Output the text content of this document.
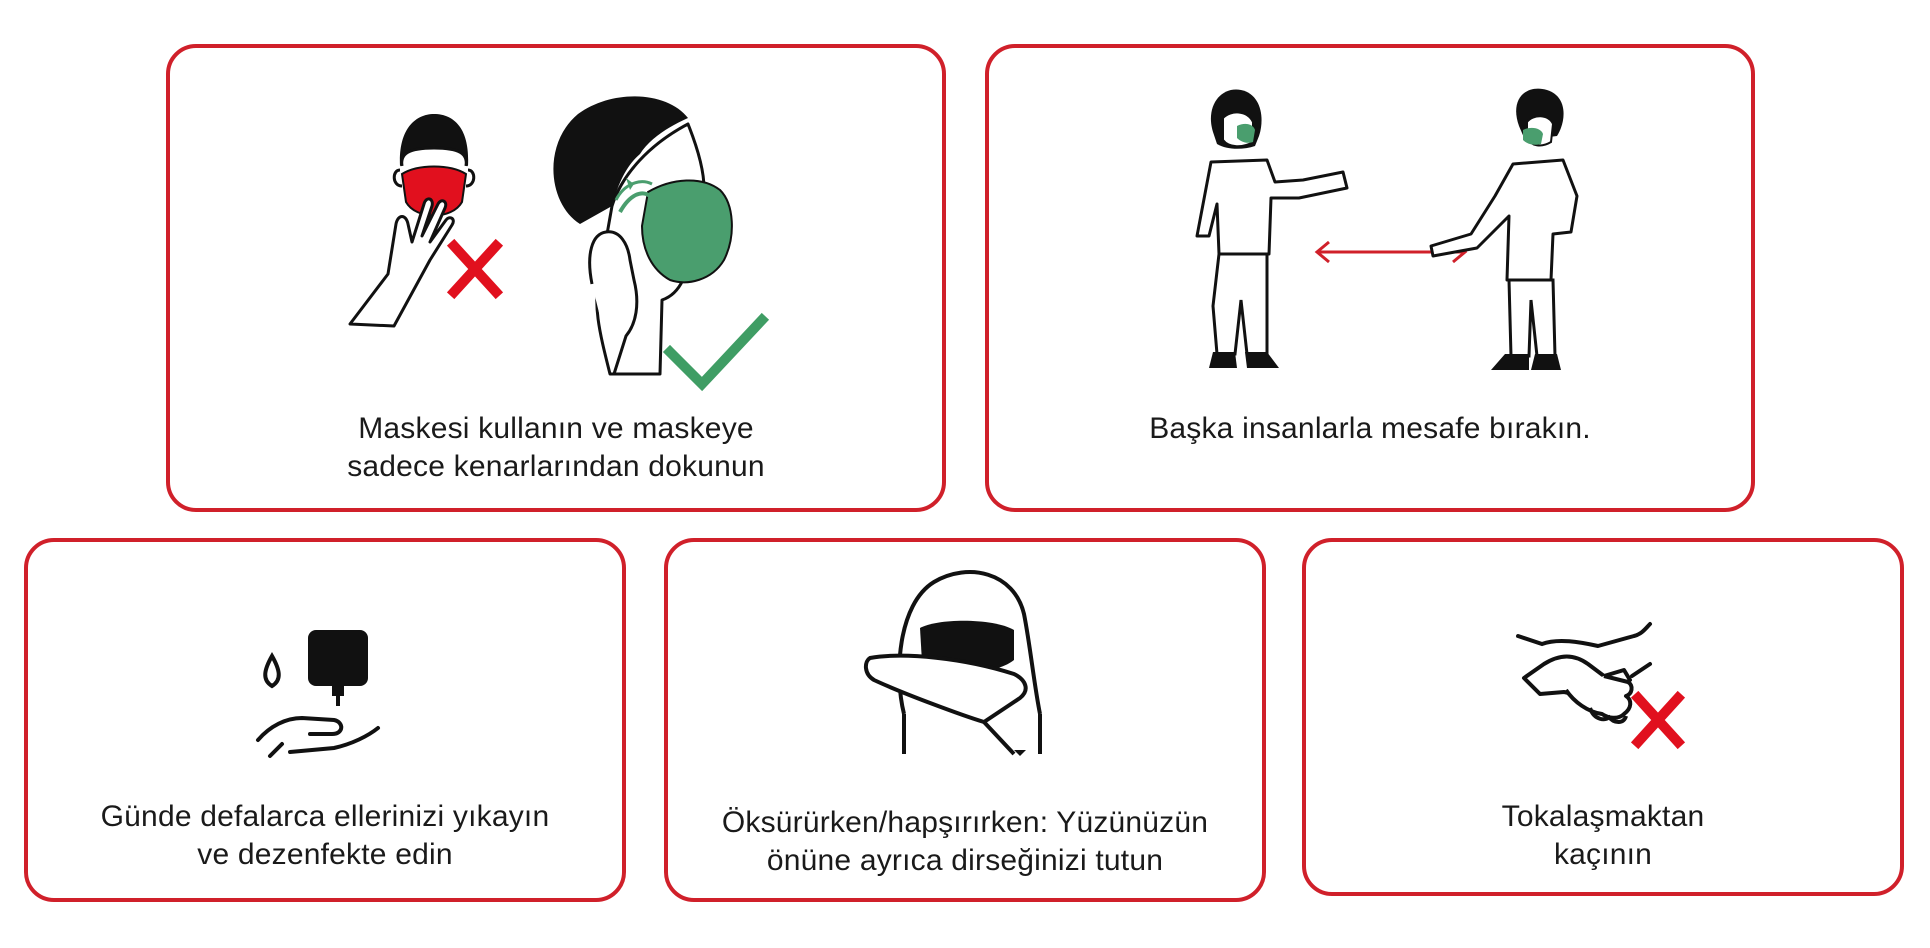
Maskesi kullanın ve maskeye
sadece kenarlarından dokunun
Başka insanlarla mesafe bırakın.
Günde defalarca ellerinizi yıkayın
ve dezenfekte edin
Öksürürken/hapşırırken: Yüzünüzün
önüne ayrıca dirseğinizi tutun
Tokalaşmaktan
kaçının
